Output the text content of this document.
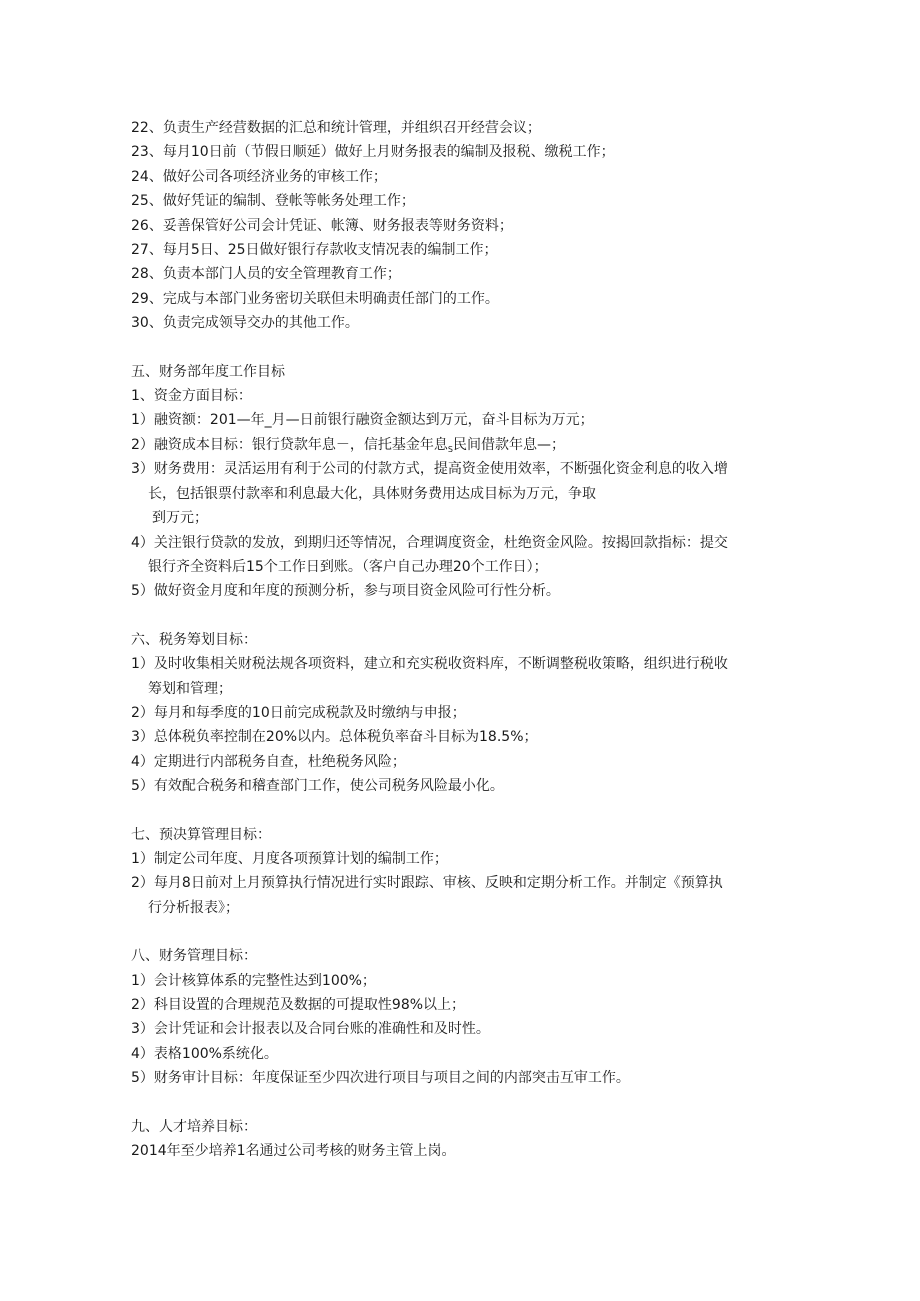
22、负责生产经营数据的汇总和统计管理，并组织召开经营会议；

23、每月10日前（节假日顺延）做好上月财务报表的编制及报税、缴税工作；

24、做好公司各项经济业务的审核工作；

25、做好凭证的编制、登帐等帐务处理工作；

26、妥善保管好公司会计凭证、帐簿、财务报表等财务资料；

27、每月5日、25日做好银行存款收支情况表的编制工作；

28、负责本部门人员的安全管理教育工作；

29、完成与本部门业务密切关联但未明确责任部门的工作。

30、负责完成领导交办的其他工作。

五、财务部年度工作目标

1、资金方面目标：

1）融资额：201—年_月—日前银行融资金额达到万元，奋斗目标为万元；

2）融资成本目标：银行贷款年息－，信托基金年息$_S$民间借款年息—；

3）财务费用：灵活运用有利于公司的付款方式，提高资金使用效率，不断强化资金利息的收入增

长，包括银票付款率和利息最大化，具体财务费用达成目标为万元，争取

到万元；

4）关注银行贷款的发放，到期归还等情况，合理调度资金，杜绝资金风险。按揭回款指标：提交

银行齐全资料后15个工作日到账。（客户自己办理20个工作日）；

5）做好资金月度和年度的预测分析，参与项目资金风险可行性分析。

六、税务筹划目标：

1）及时收集相关财税法规各项资料，建立和充实税收资料库，不断调整税收策略，组织进行税收

筹划和管理；

2）每月和每季度的10日前完成税款及时缴纳与申报；

3）总体税负率控制在20%以内。总体税负率奋斗目标为18.5%；

4）定期进行内部税务自查，杜绝税务风险；

5）有效配合税务和稽查部门工作，使公司税务风险最小化。

七、预决算管理目标：

1）制定公司年度、月度各项预算计划的编制工作；

2）每月8日前对上月预算执行情况进行实时跟踪、审核、反映和定期分析工作。并制定《预算执

行分析报表》；

八、财务管理目标：

1）会计核算体系的完整性达到100%；

2）科目设置的合理规范及数据的可提取性98%以上；

3）会计凭证和会计报表以及合同台账的准确性和及时性。

4）表格100%系统化。

5）财务审计目标：年度保证至少四次进行项目与项目之间的内部突击互审工作。

九、人才培养目标：

2014年至少培养1名通过公司考核的财务主管上岗。
